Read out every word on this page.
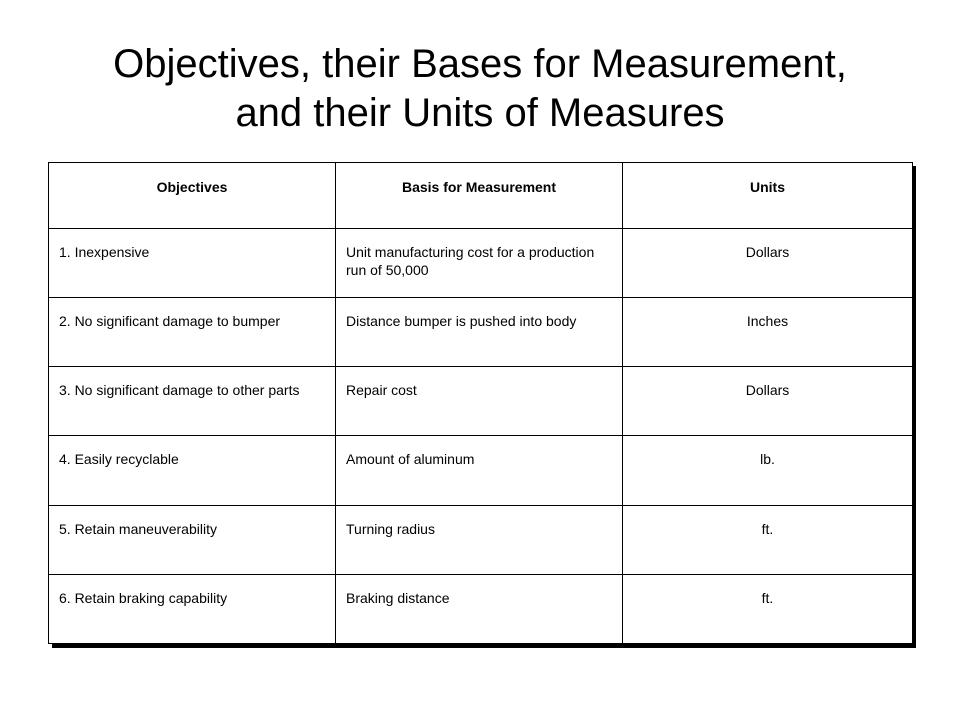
Objectives, their Bases for Measurement,
and their Units of Measures
Objectives	Basis for Measurement	Units
1. Inexpensive	Unit manufacturing cost for a production run of 50,000	Dollars
2. No significant damage to bumper	Distance bumper is pushed into body	Inches
3. No significant damage to other parts	Repair cost	Dollars
4. Easily recyclable	Amount of aluminum	lb.
5. Retain maneuverability	Turning radius	ft.
6. Retain braking capability	Braking distance	ft.
